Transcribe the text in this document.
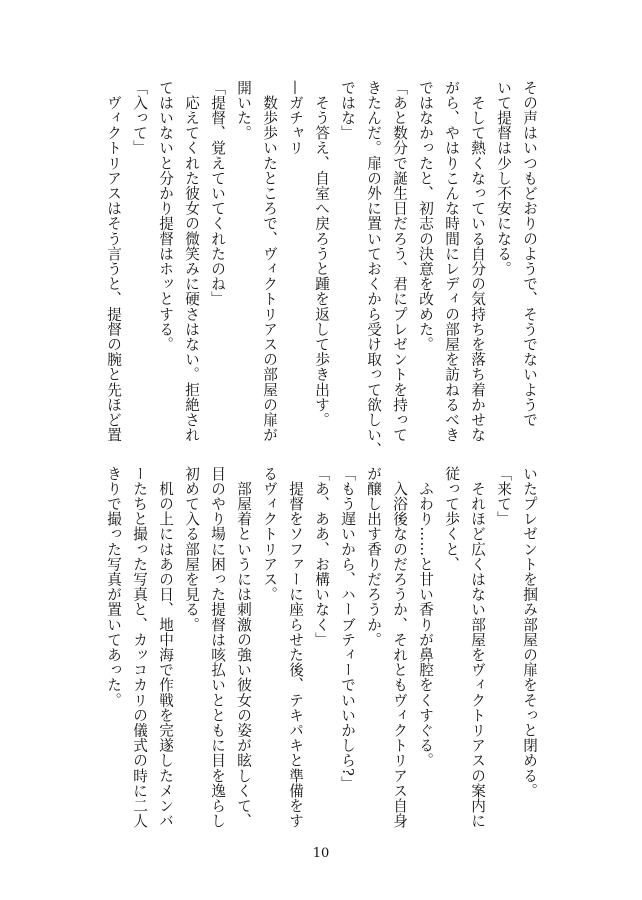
その声はいつもどおりのようで、そうでないようで
いて提督は少し不安になる。
　そして熱くなっている自分の気持ちを落ち着かせな
がら、やはりこんな時間にレディの部屋を訪ねるべき
ではなかったと、初志の決意を改めた。
「あと数分で誕生日だろう、君にプレゼントを持って
きたんだ。扉の外に置いておくから受け取って欲しい、
ではな」
　そう答え、自室へ戻ろうと踵を返して歩き出す。
—ガチャリ
　数歩歩いたところで、ヴィクトリアスの部屋の扉が
開いた。
「提督、覚えていてくれたのね」
　応えてくれた彼女の微笑みに硬さはない。拒絶され
てはいないと分かり提督はホッとする。
「入って」
　ヴィクトリアスはそう言うと、提督の腕と先ほど置
いたプレゼントを掴み部屋の扉をそっと閉める。
「来て」
　それほど広くはない部屋をヴィクトリアスの案内に
従って歩くと、
　ふわり……と甘い香りが鼻腔をくすぐる。
　入浴後なのだろうか、それともヴィクトリアス自身
が醸し出す香りだろうか。
「もう遅いから、ハーブティーでいいかしら?」
「あ、ああ、お構いなく」
　提督をソファーに座らせた後、テキパキと準備をす
るヴィクトリアス。
　部屋着というには刺激の強い彼女の姿が眩しくて、
目のやり場に困った提督は咳払いとともに目を逸らし
初めて入る部屋を見る。
　机の上にはあの日、地中海で作戦を完遂したメンバ
ーたちと撮った写真と、カッコカリの儀式の時に二人
きりで撮った写真が置いてあった。
10
